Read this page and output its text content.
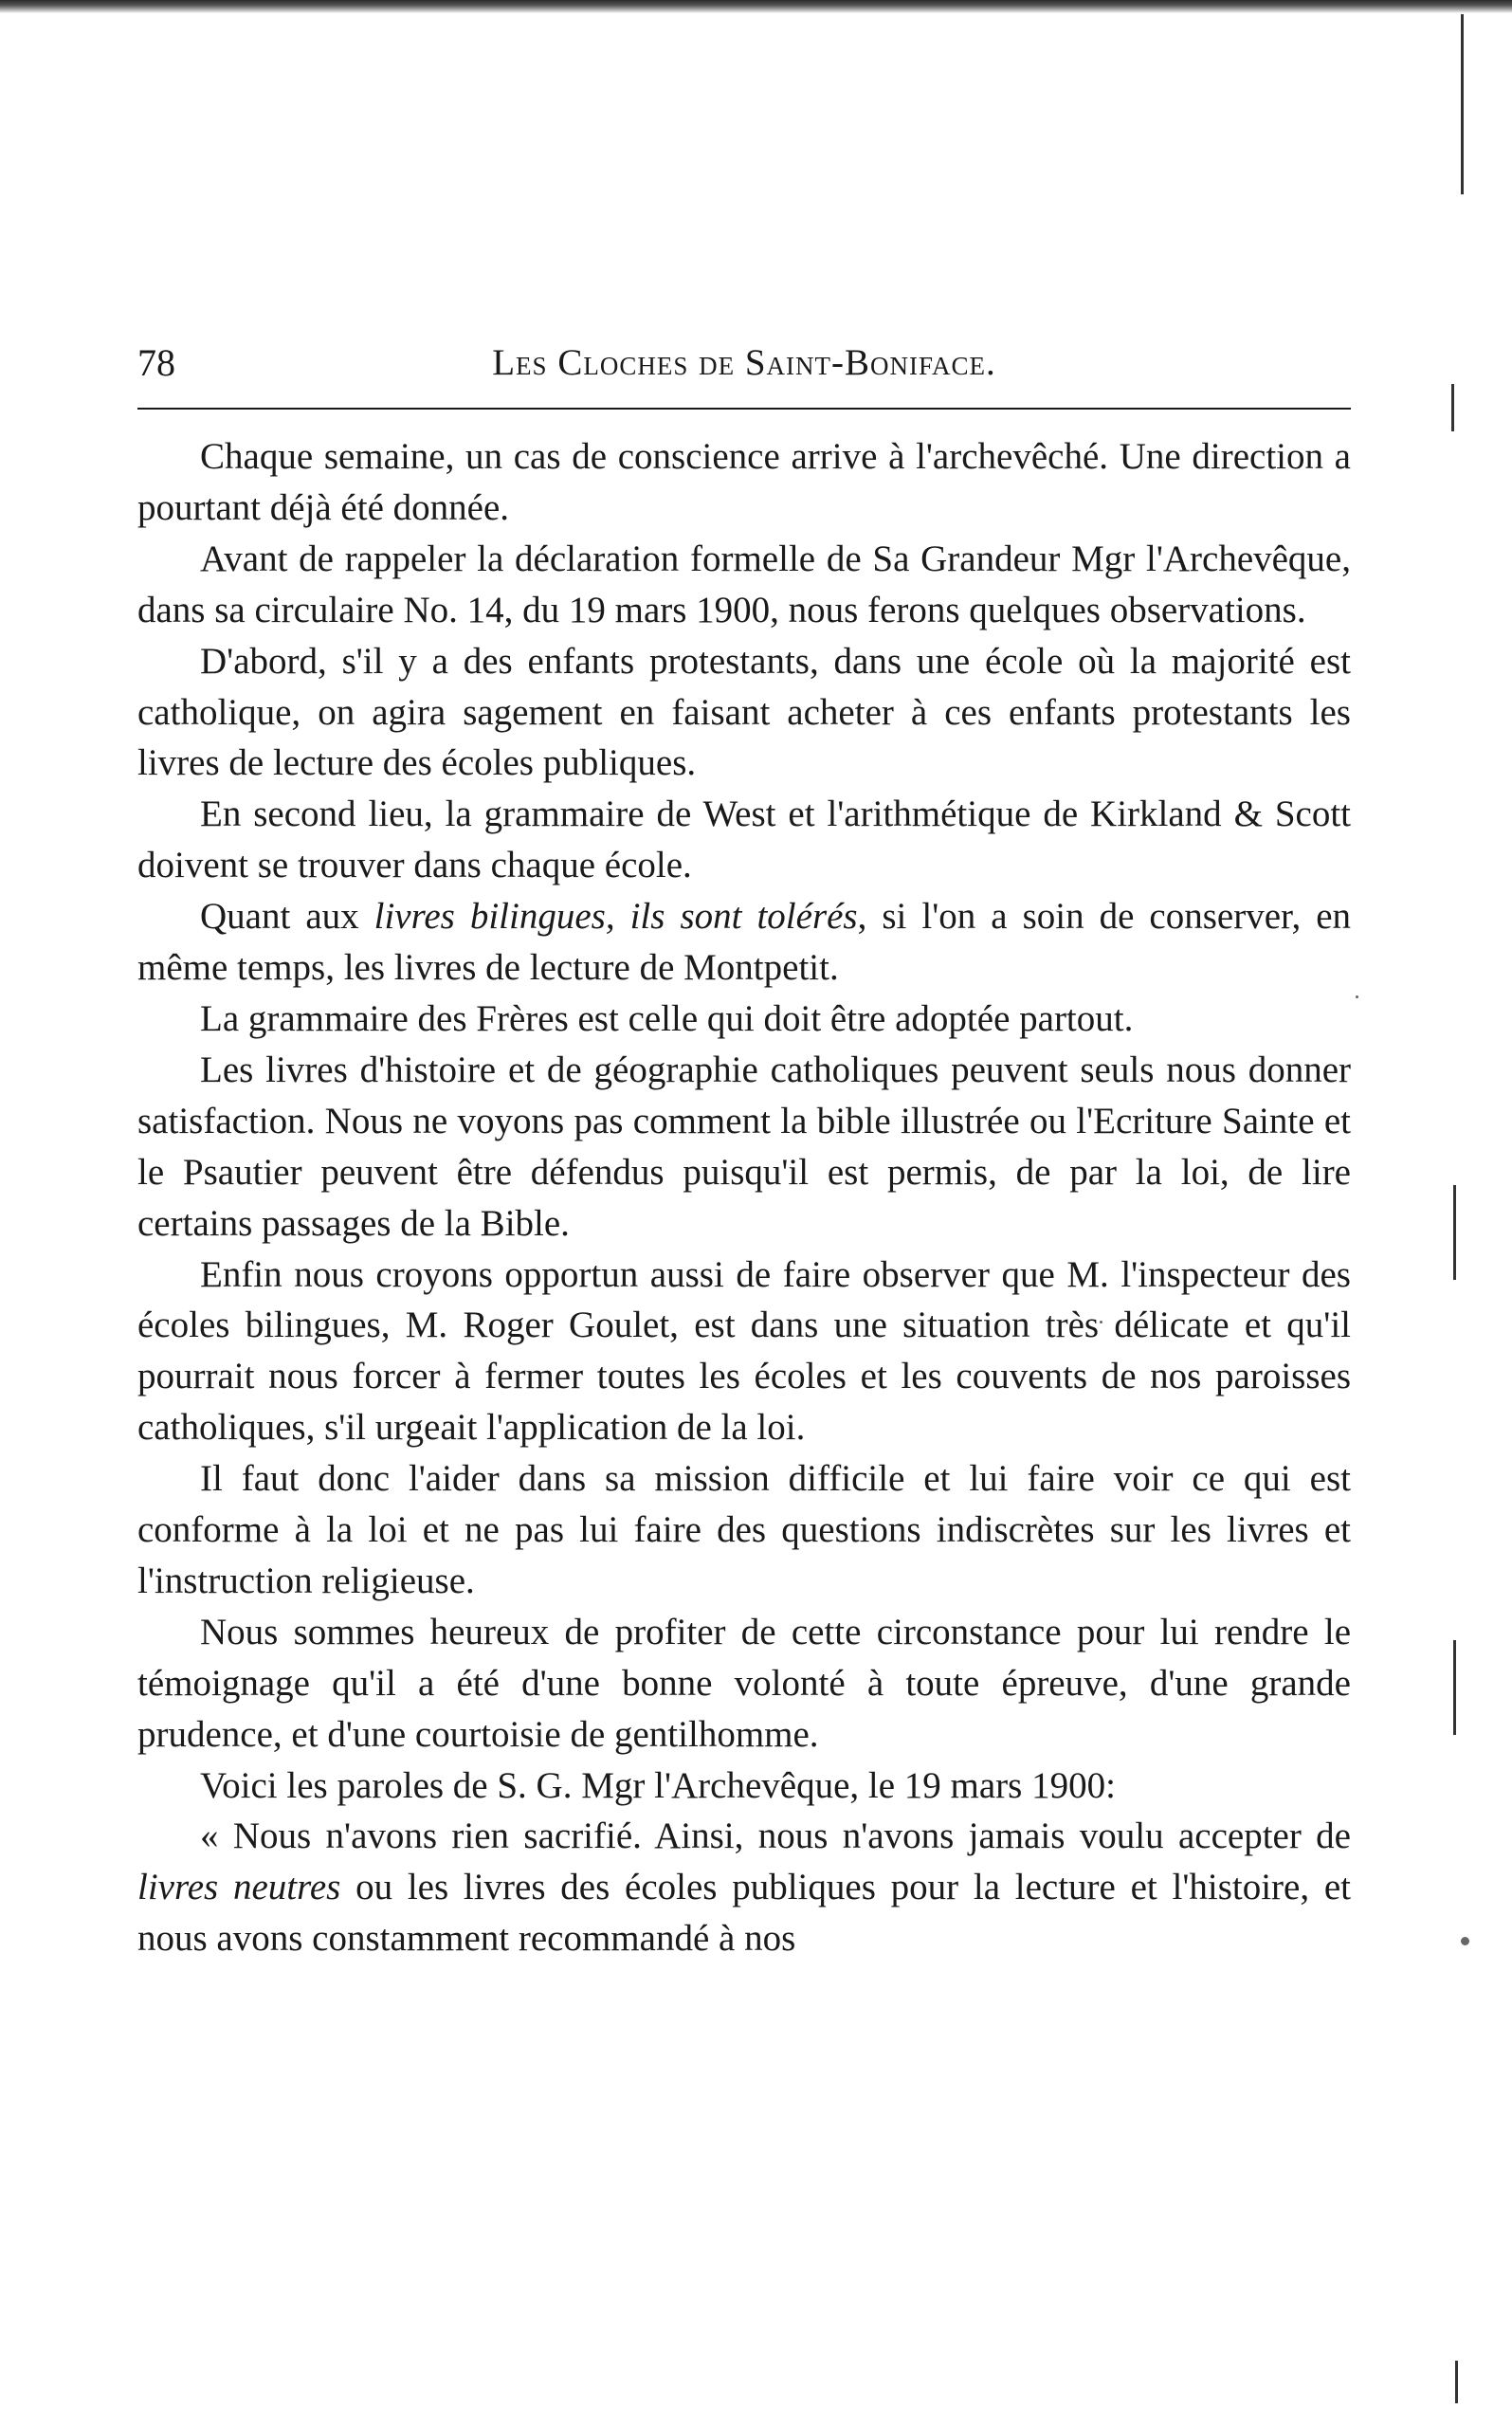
78	Les Cloches de Saint-Boniface.

Chaque semaine, un cas de conscience arrive à l'archevêché. Une direction a pourtant déjà été donnée.

Avant de rappeler la déclaration formelle de Sa Grandeur Mgr l'Archevêque, dans sa circulaire No. 14, du 19 mars 1900, nous ferons quelques observations.

D'abord, s'il y a des enfants protestants, dans une école où la majorité est catholique, on agira sagement en faisant acheter à ces enfants protestants les livres de lecture des écoles publiques.

En second lieu, la grammaire de West et l'arithmétique de Kirkland & Scott doivent se trouver dans chaque école.

Quant aux livres bilingues, ils sont tolérés, si l'on a soin de conserver, en même temps, les livres de lecture de Montpetit.

La grammaire des Frères est celle qui doit être adoptée partout.

Les livres d'histoire et de géographie catholiques peuvent seuls nous donner satisfaction. Nous ne voyons pas comment la bible illustrée ou l'Ecriture Sainte et le Psautier peuvent être défendus puisqu'il est permis, de par la loi, de lire certains passages de la Bible.

Enfin nous croyons opportun aussi de faire observer que M. l'inspecteur des écoles bilingues, M. Roger Goulet, est dans une situation très délicate et qu'il pourrait nous forcer à fermer toutes les écoles et les couvents de nos paroisses catholiques, s'il urgeait l'application de la loi.

Il faut donc l'aider dans sa mission difficile et lui faire voir ce qui est conforme à la loi et ne pas lui faire des questions indiscrètes sur les livres et l'instruction religieuse.

Nous sommes heureux de profiter de cette circonstance pour lui rendre le témoignage qu'il a été d'une bonne volonté à toute épreuve, d'une grande prudence, et d'une courtoisie de gentilhomme.

Voici les paroles de S. G. Mgr l'Archevêque, le 19 mars 1900:

« Nous n'avons rien sacrifié. Ainsi, nous n'avons jamais voulu accepter de livres neutres ou les livres des écoles publiques pour la lecture et l'histoire, et nous avons constamment recommandé à nos
